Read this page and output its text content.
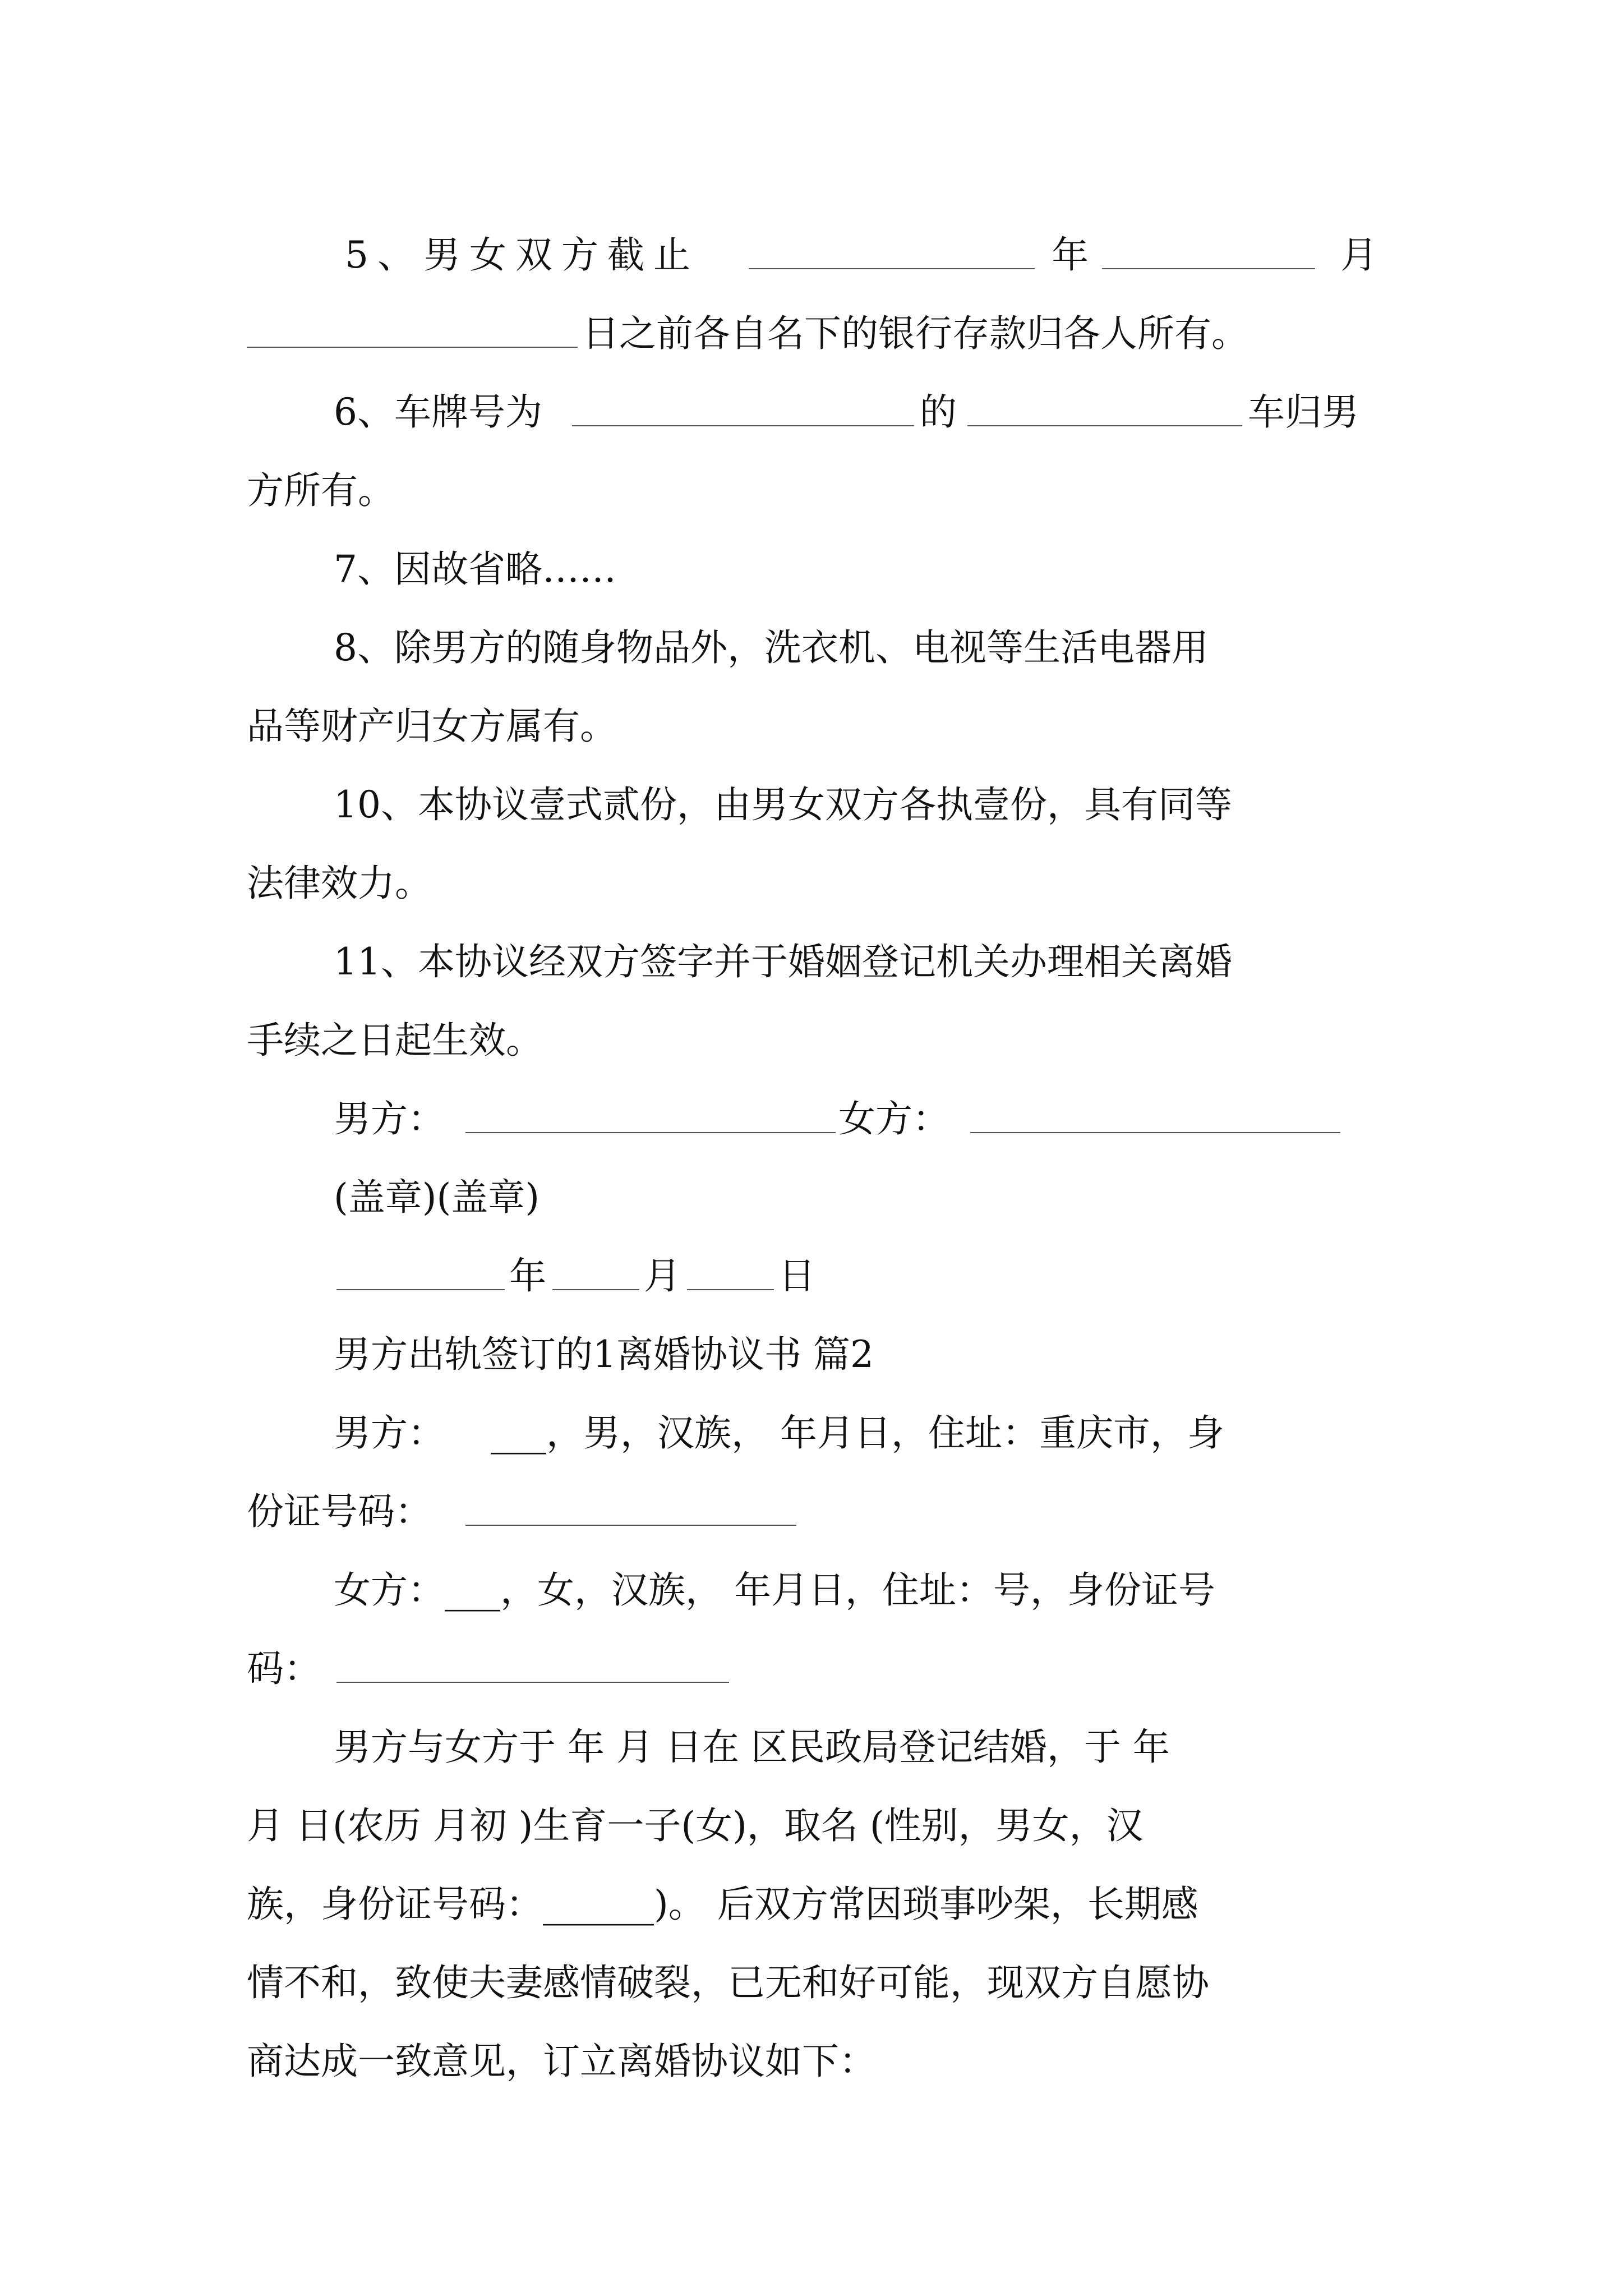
5、男女双方截止	年	月
日之前各自名下的银行存款归各人所有。
6、车牌号为	的	车归男
方所有。
7、因故省略……
8、除男方的随身物品外，洗衣机、电视等生活电器用
品等财产归女方属有。
10、本协议壹式贰份，由男女双方各执壹份，具有同等
法律效力。
11、本协议经双方签字并于婚姻登记机关办理相关离婚
手续之日起生效。
男方：	女方：
(盖章)(盖章)
年	月	日
男方出轨签订的1离婚协议书 篇2
男方： ___，男，汉族， 年月日，住址：重庆市，身
份证号码：
女方：___，女，汉族， 年月日，住址：号，身份证号
码：
男方与女方于 年 月 日在 区民政局登记结婚，于 年
月 日(农历 月初 )生育一子(女)，取名 (性别，男女，汉
族，身份证号码：______)。 后双方常因琐事吵架，长期感
情不和，致使夫妻感情破裂，已无和好可能，现双方自愿协
商达成一致意见，订立离婚协议如下：
